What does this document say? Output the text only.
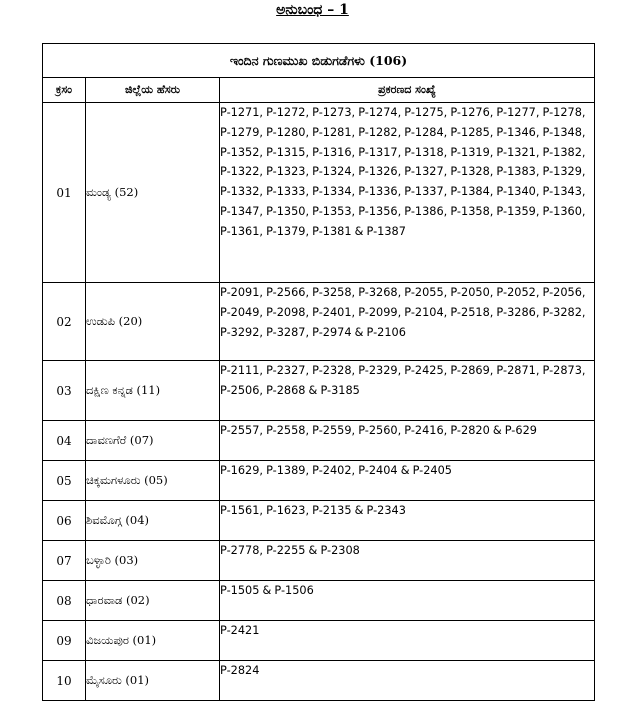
ಅನುಬಂಧ – 1
ಇಂದಿನ ಗುಣಮುಖ ಬಿಡುಗಡೆಗಳು (106)		
ಕ್ರಸಂ	ಜಿಲ್ಲೆಯ ಹೆಸರು	ಪ್ರಕರಣದ ಸಂಖ್ಯೆ
01	ಮಂಡ್ಯ (52)	P-1271, P-1272, P-1273, P-1274, P-1275, P-1276, P-1277, P-1278, P-1279, P-1280, P-1281, P-1282, P-1284, P-1285, P-1346, P-1348, P-1352, P-1315, P-1316, P-1317, P-1318, P-1319, P-1321, P-1382, P-1322, P-1323, P-1324, P-1326, P-1327, P-1328, P-1383, P-1329, P-1332, P-1333, P-1334, P-1336, P-1337, P-1384, P-1340, P-1343, P-1347, P-1350, P-1353, P-1356, P-1386, P-1358, P-1359, P-1360, P-1361, P-1379, P-1381 & P-1387
02	ಉಡುಪಿ (20)	P-2091, P-2566, P-3258, P-3268, P-2055, P-2050, P-2052, P-2056, P-2049, P-2098, P-2401, P-2099, P-2104, P-2518, P-3286, P-3282, P-3292, P-3287, P-2974 & P-2106
03	ದಕ್ಷಿಣ ಕನ್ನಡ (11)	P-2111, P-2327, P-2328, P-2329, P-2425, P-2869, P-2871, P-2873, P-2506, P-2868 & P-3185
04	ದಾವಣಗೆರೆ (07)	P-2557, P-2558, P-2559, P-2560, P-2416, P-2820 & P-629
05	ಚಿಕ್ಕಮಗಳೂರು (05)	P-1629, P-1389, P-2402, P-2404 & P-2405
06	ಶಿವಮೊಗ್ಗ (04)	P-1561, P-1623, P-2135 & P-2343
07	ಬಳ್ಳಾರಿ (03)	P-2778, P-2255 & P-2308
08	ಧಾರವಾಡ (02)	P-1505 & P-1506
09	ವಿಜಯಪುರ (01)	P-2421
10	ಮೈಸೂರು (01)	P-2824
